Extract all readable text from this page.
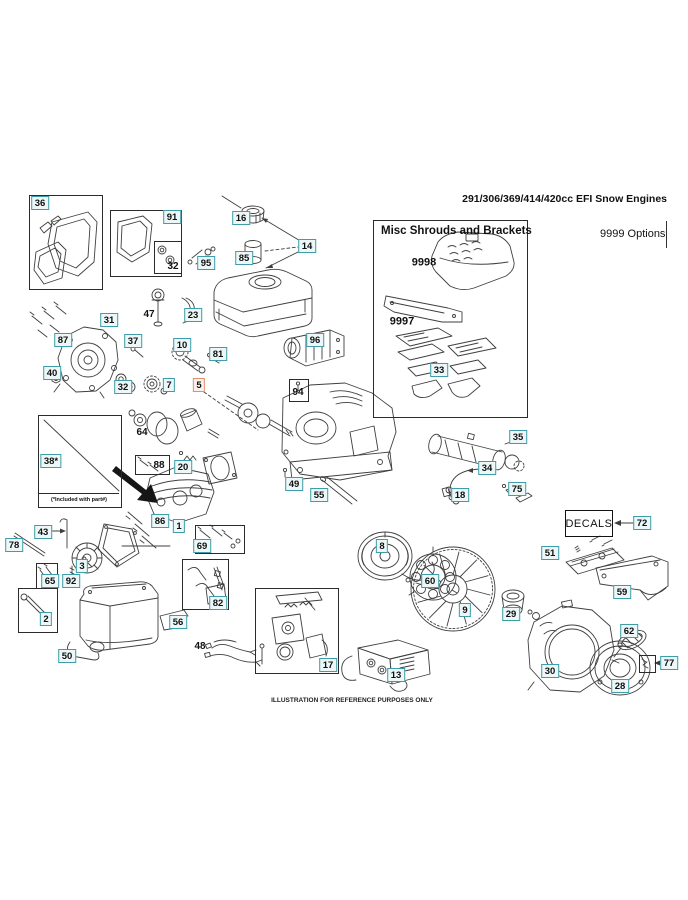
291/306/369/414/420cc EFI Snow Engines
Misc Shrouds and Brackets	9999 Options
DECALS
(*Included with part#)
ILLUSTRATION FOR REFERENCE PURPOSES ONLY
36
91	16
14
85
95
23
31
87	37	10
81
96
40
32	7	5
33
38*
20
49
55
86	1
43
78	69
3
65	92
2
82
35
34
18
75
72
8
60
51
9	29
59
56
50
13	30
62
28
77
17
94
32
47
64
88
48
9998
9997
